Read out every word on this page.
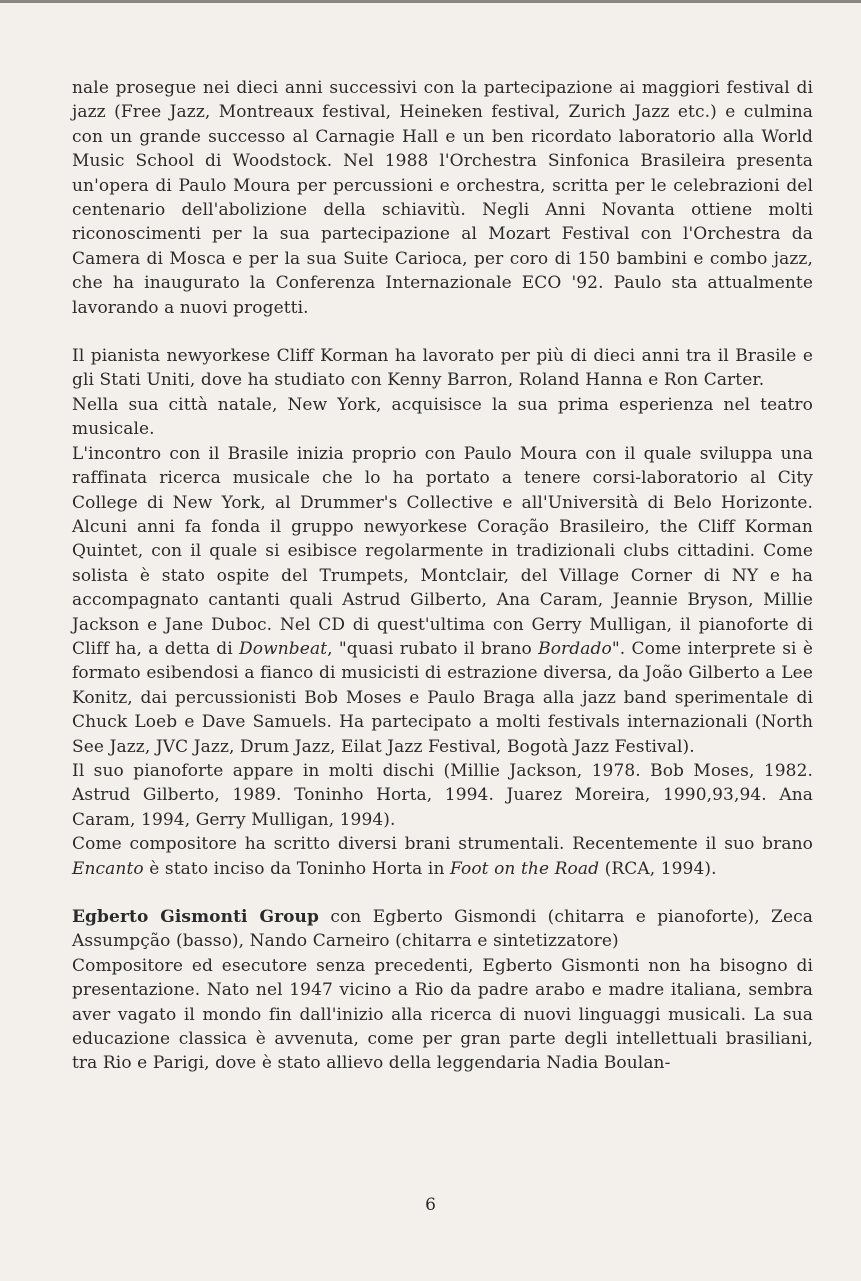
nale prosegue nei dieci anni successivi con la partecipazione ai maggiori festival di jazz (Free Jazz, Montreaux festival, Heineken festival, Zurich Jazz etc.) e culmina con un grande successo al Carnagie Hall e un ben ricordato laboratorio alla World Music School di Woodstock. Nel 1988 l'Orchestra Sinfonica Brasileira presenta un'opera di Paulo Moura per percussioni e orchestra, scritta per le celebrazioni del centenario dell'abolizione della schiavitù. Negli Anni Novanta ottiene molti riconoscimenti per la sua partecipazione al Mozart Festival con l'Orchestra da Camera di Mosca e per la sua Suite Carioca, per coro di 150 bambini e combo jazz, che ha inaugurato la Conferenza Internazionale ECO '92. Paulo sta attualmente lavorando a nuovi progetti.

Il pianista newyorkese Cliff Korman ha lavorato per più di dieci anni tra il Brasile e gli Stati Uniti, dove ha studiato con Kenny Barron, Roland Hanna e Ron Carter.

Nella sua città natale, New York, acquisisce la sua prima esperienza nel teatro musicale.

L'incontro con il Brasile inizia proprio con Paulo Moura con il quale sviluppa una raffinata ricerca musicale che lo ha portato a tenere corsi-laboratorio al City College di New York, al Drummer's Collective e all'Università di Belo Horizonte. Alcuni anni fa fonda il gruppo newyorkese Coração Brasileiro, the Cliff Korman Quintet, con il quale si esibisce regolarmente in tradizionali clubs cittadini. Come solista è stato ospite del Trumpets, Montclair, del Village Corner di NY e ha accompagnato cantanti quali Astrud Gilberto, Ana Caram, Jeannie Bryson, Millie Jackson e Jane Duboc. Nel CD di quest'ultima con Gerry Mulligan, il pianoforte di Cliff ha, a detta di Downbeat, "quasi rubato il brano Bordado". Come interprete si è formato esibendosi a fianco di musicisti di estrazione diversa, da João Gilberto a Lee Konitz, dai percussionisti Bob Moses e Paulo Braga alla jazz band sperimentale di Chuck Loeb e Dave Samuels. Ha partecipato a molti festivals internazionali (North See Jazz, JVC Jazz, Drum Jazz, Eilat Jazz Festival, Bogotà Jazz Festival).

Il suo pianoforte appare in molti dischi (Millie Jackson, 1978. Bob Moses, 1982. Astrud Gilberto, 1989. Toninho Horta, 1994. Juarez Moreira, 1990,93,94. Ana Caram, 1994, Gerry Mulligan, 1994).

Come compositore ha scritto diversi brani strumentali. Recentemente il suo brano Encanto è stato inciso da Toninho Horta in Foot on the Road (RCA, 1994).

Egberto Gismonti Group con Egberto Gismondi (chitarra e pianoforte), Zeca Assumpção (basso), Nando Carneiro (chitarra e sintetizzatore)

Compositore ed esecutore senza precedenti, Egberto Gismonti non ha bisogno di presentazione. Nato nel 1947 vicino a Rio da padre arabo e madre italiana, sembra aver vagato il mondo fin dall'inizio alla ricerca di nuovi linguaggi musicali. La sua educazione classica è avvenuta, come per gran parte degli intellettuali brasiliani, tra Rio e Parigi, dove è stato allievo della leggendaria Nadia Boulan-

6
